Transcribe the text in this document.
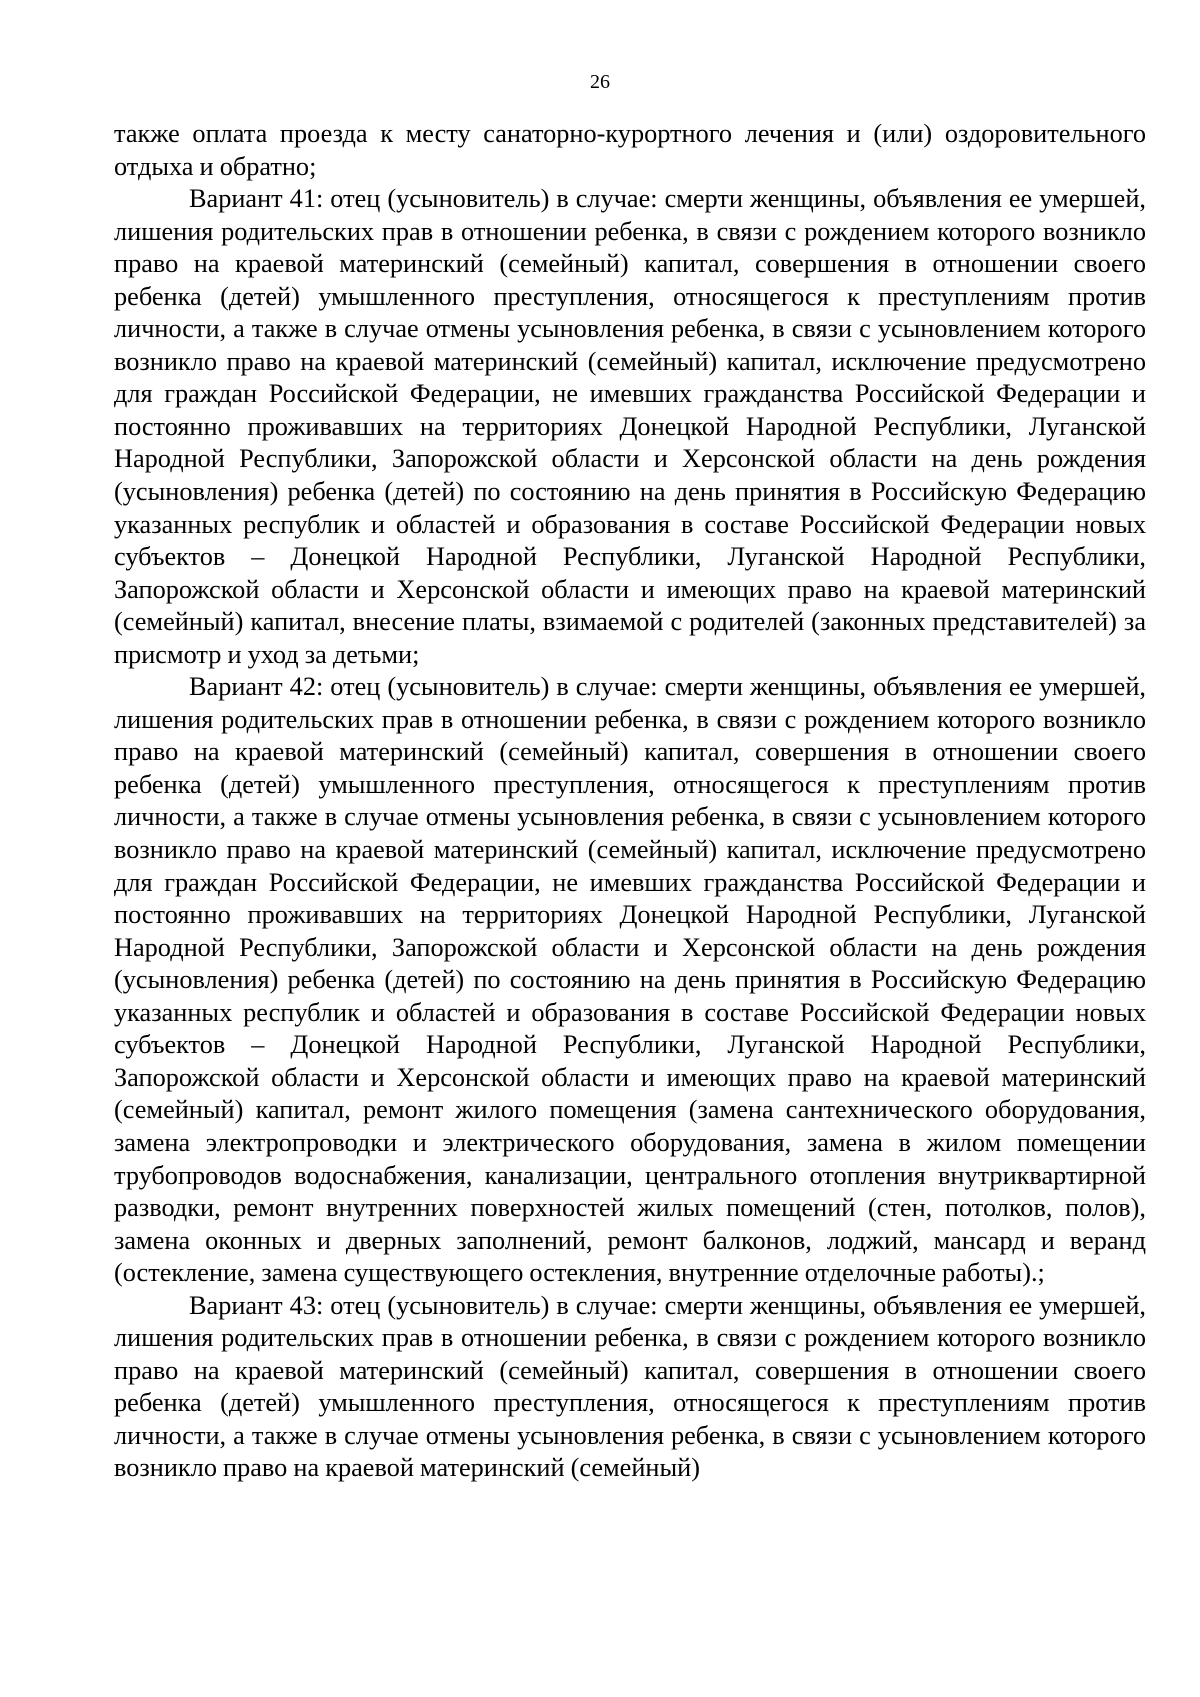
26

также оплата проезда к месту санаторно-курортного лечения и (или) оздоровительного отдыха и обратно;

Вариант 41: отец (усыновитель) в случае: смерти женщины, объявления ее умершей, лишения родительских прав в отношении ребенка, в связи с рождением которого возникло право на краевой материнский (семейный) капитал, совершения в отношении своего ребенка (детей) умышленного преступления, относящегося к преступлениям против личности, а также в случае отмены усыновления ребенка, в связи с усыновлением которого возникло право на краевой материнский (семейный) капитал, исключение предусмотрено для граждан Российской Федерации, не имевших гражданства Российской Федерации и постоянно проживавших на территориях Донецкой Народной Республики, Луганской Народной Республики, Запорожской области и Херсонской области на день рождения (усыновления) ребенка (детей) по состоянию на день принятия в Российскую Федерацию указанных республик и областей и образования в составе Российской Федерации новых субъектов – Донецкой Народной Республики, Луганской Народной Республики, Запорожской области и Херсонской области и имеющих право на краевой материнский (семейный) капитал, внесение платы, взимаемой с родителей (законных представителей) за присмотр и уход за детьми;

Вариант 42: отец (усыновитель) в случае: смерти женщины, объявления ее умершей, лишения родительских прав в отношении ребенка, в связи с рождением которого возникло право на краевой материнский (семейный) капитал, совершения в отношении своего ребенка (детей) умышленного преступления, относящегося к преступлениям против личности, а также в случае отмены усыновления ребенка, в связи с усыновлением которого возникло право на краевой материнский (семейный) капитал, исключение предусмотрено для граждан Российской Федерации, не имевших гражданства Российской Федерации и постоянно проживавших на территориях Донецкой Народной Республики, Луганской Народной Республики, Запорожской области и Херсонской области на день рождения (усыновления) ребенка (детей) по состоянию на день принятия в Российскую Федерацию указанных республик и областей и образования в составе Российской Федерации новых субъектов – Донецкой Народной Республики, Луганской Народной Республики, Запорожской области и Херсонской области и имеющих право на краевой материнский (семейный) капитал, ремонт жилого помещения (замена сантехнического оборудования, замена электропроводки и электрического оборудования, замена в жилом помещении трубопроводов водоснабжения, канализации, центрального отопления внутриквартирной разводки, ремонт внутренних поверхностей жилых помещений (стен, потолков, полов), замена оконных и дверных заполнений, ремонт балконов, лоджий, мансард и веранд (остекление, замена существующего остекления, внутренние отделочные работы).;

Вариант 43: отец (усыновитель) в случае: смерти женщины, объявления ее умершей, лишения родительских прав в отношении ребенка, в связи с рождением которого возникло право на краевой материнский (семейный) капитал, совершения в отношении своего ребенка (детей) умышленного преступления, относящегося к преступлениям против личности, а также в случае отмены усыновления ребенка, в связи с усыновлением которого возникло право на краевой материнский (семейный)
